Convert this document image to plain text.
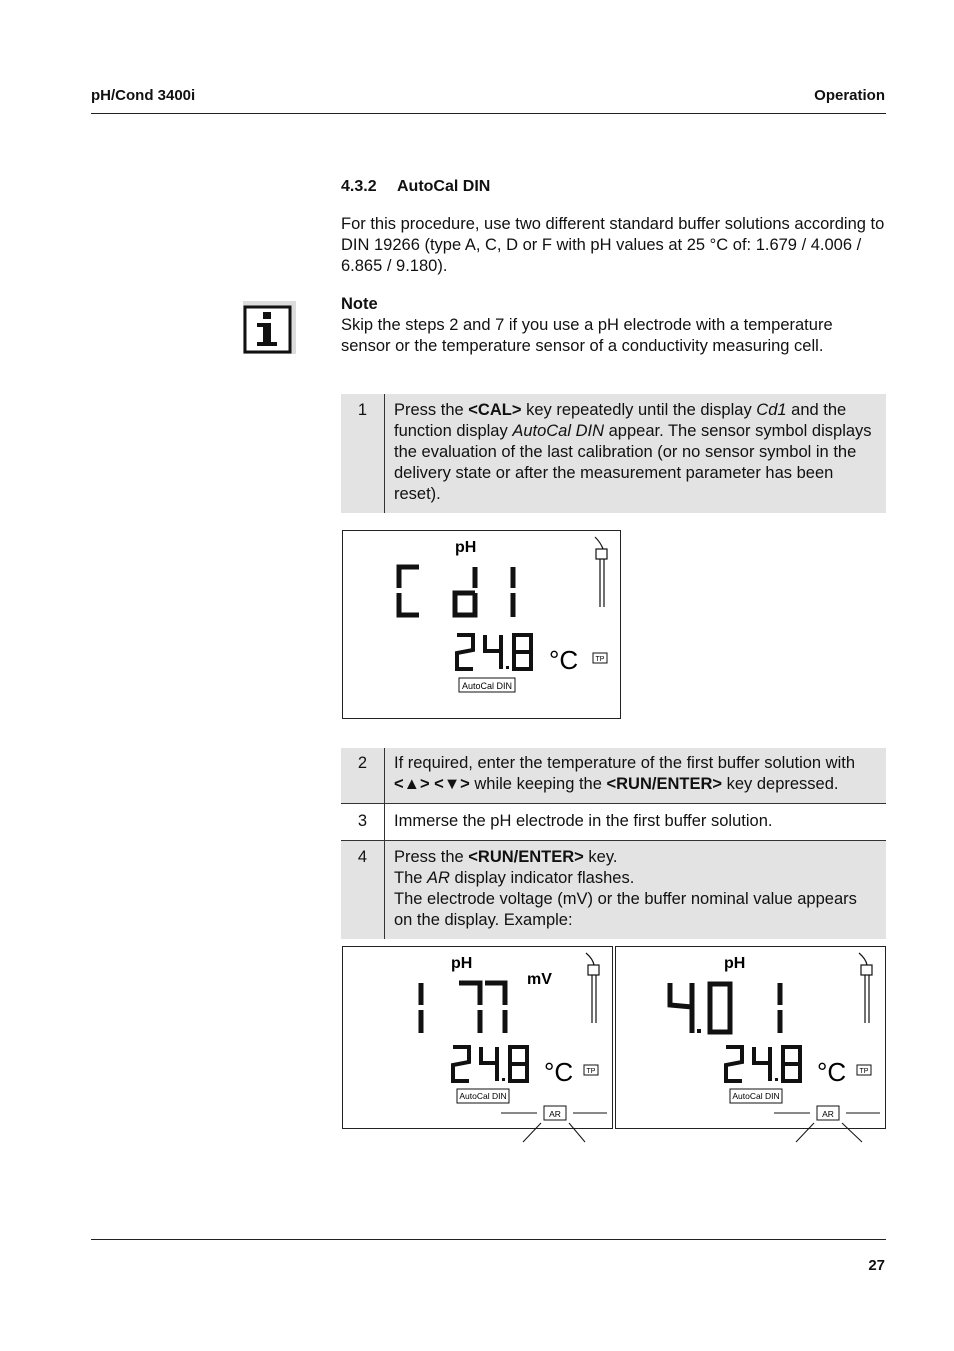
pH/Cond 3400i	Operation
4.3.2 AutoCal DIN
For this procedure, use two different standard buffer solutions according to DIN 19266 (type A, C, D or F with pH values at 25 °C of: 1.679 / 4.006 / 6.865 / 9.180).
Note
Skip the steps 2 and 7 if you use a pH electrode with a temperature sensor or the temperature sensor of a conductivity measuring cell.
1	Press the <CAL> key repeatedly until the display Cd1 and the function display AutoCal DIN appear. The sensor symbol displays the evaluation of the last calibration (or no sensor symbol in the delivery state or after the measurement parameter has been reset).
pH
°C TP
AutoCal DIN
2	If required, enter the temperature of the first buffer solution with <▲> <▼> while keeping the <RUN/ENTER> key depressed.
3	Immerse the pH electrode in the first buffer solution.
4	Press the <RUN/ENTER> key.
The AR display indicator flashes.
The electrode voltage (mV) or the buffer nominal value appears on the display. Example:
pH
mV
°C TP
AutoCal DIN
AR
pH
°C TP
AutoCal DIN
AR
27
